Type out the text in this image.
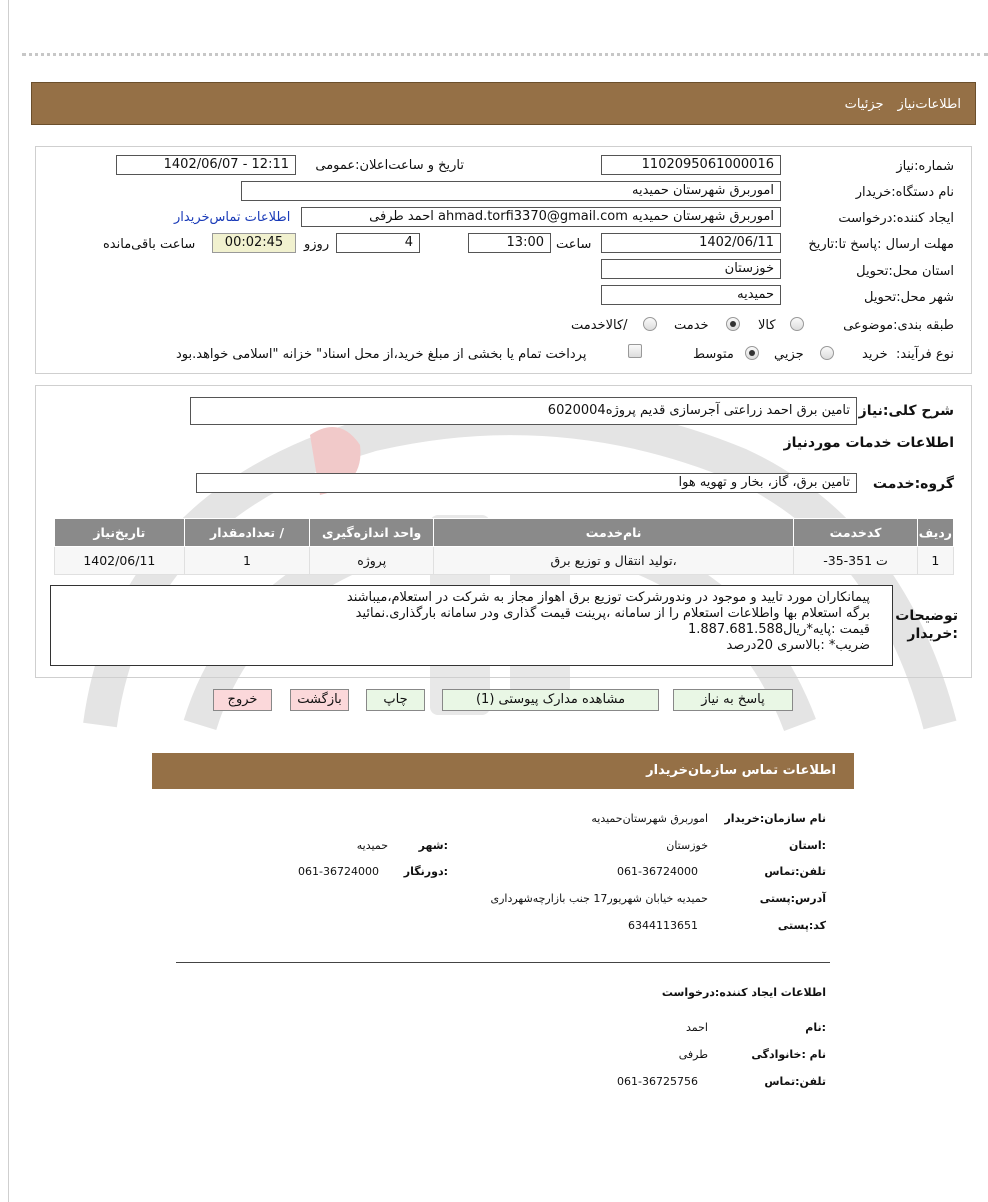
اطلاعات‌نیازجزئیات
شماره:نیاز
1102095061000016
تاریخ و ساعت‌اعلان:عمومی
1402/06/07 - 12:11
نام دستگاه:خریدار
اموربرق شهرستان حمیدیه
ایجاد کننده:درخواست
اموربرق شهرستان حمیدیه ahmad.torfi3370@gmail.com احمد طرفی
اطلاعات تماس‌خریدار
مهلت ارسال :پاسخ تا:تاریخ
1402/06/11
ساعت
13:00
4
روزو
00:02:45
ساعت باقی‌مانده
استان محل:تحویل
خوزستان
شهر محل:تحویل
حمیدیه
طبقه بندی:موضوعی
کالا
خدمت
/کالاخدمت
نوع فرآیند:
خرید
جزیي
متوسط
پرداخت تمام یا بخشی از مبلغ خرید،از محل اسناد" خزانه "اسلامی خواهد.بود
شرح کلی:نیاز
تامین برق احمد زراعتی آجرسازی قدیم پروژه6020004
اطلاعات خدمات موردنیاز
گروه:خدمت
تامین برق، گاز، بخار و تهویه هوا
ردیف	کدخدمت	نام‌خدمت	واحد اندازه‌گیری	/ تعدادمقدار	تاریخ‌نیاز
1	ت 351-35-	،تولید انتقال و توزیع برق	پروژه	1	1402/06/11
توضیحات
:خریدار
پیمانکاران مورد تایید و موجود در وندورشرکت توزیع برق اهواز مجاز به شرکت در استعلام،میباشند
برگه استعلام بها واطلاعات استعلام را از سامانه ،پرینت قیمت گذاری ودر سامانه بارگذاری.نمائید
قیمت :پایه*ریال1.887.681.588
ضریب* :بالاسری 20درصد
پاسخ به نیاز
مشاهده مدارک پیوستی (1)
چاپ
بازگشت
خروج
اطلاعات تماس سازمان‌خریدار
نام سازمان:خریدار
اموربرق شهرستان‌حمیدیه
:استان
خوزستان
:شهر
حمیدیه
تلفن:تماس
061-36724000
:دورنگار
061-36724000
آدرس:پستی
حمیدیه خیابان شهریور17 جنب بازارچه‌شهرداری
کد:پستی
6344113651
اطلاعات ایجاد کننده:درخواست
:نام
احمد
نام :خانوادگی
طرفی
تلفن:تماس
061-36725756
